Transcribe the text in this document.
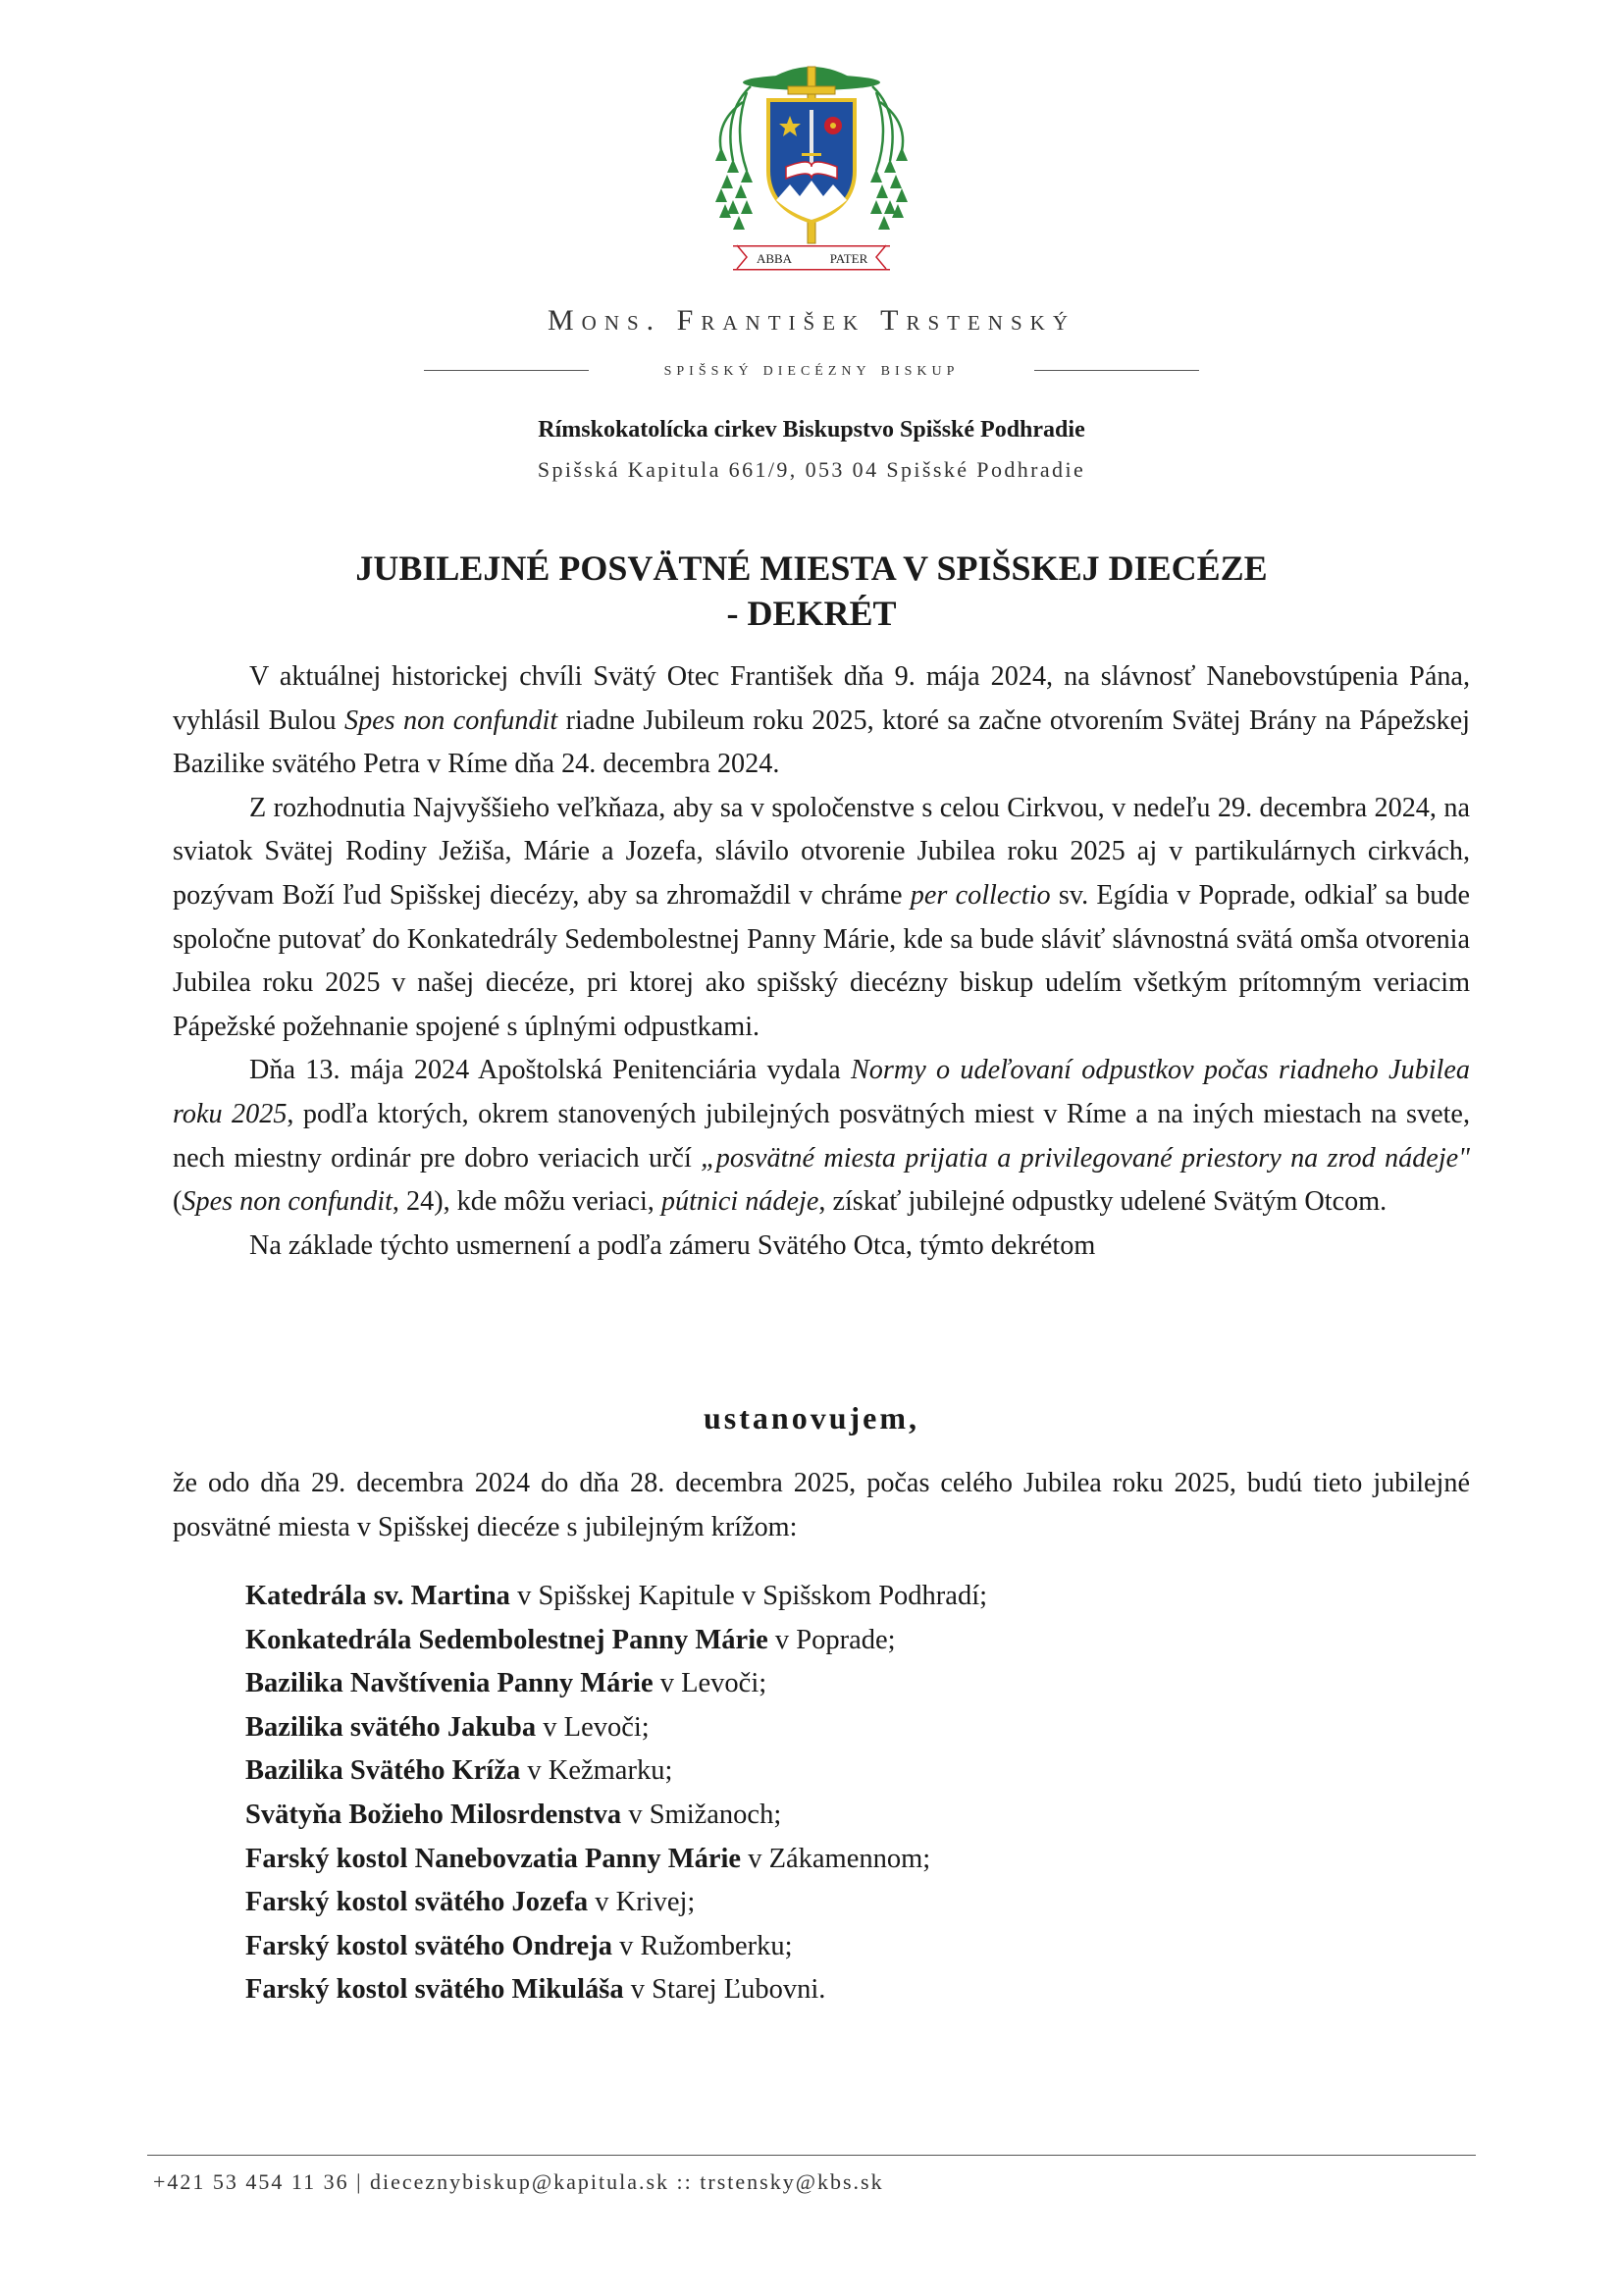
ABBA	PATER
Mons. František Trstenský
spišský diecézny biskup
Rímskokatolícka cirkev Biskupstvo Spišské Podhradie
Spišská Kapitula 661/9, 053 04 Spišské Podhradie
JUBILEJNÉ POSVÄTNÉ MIESTA V SPIŠSKEJ DIECÉZE
- DEKRÉT

V aktuálnej historickej chvíli Svätý Otec František dňa 9. mája 2024, na slávnosť Nanebovstúpenia Pána, vyhlásil Bulou Spes non confundit riadne Jubileum roku 2025, ktoré sa začne otvorením Svätej Brány na Pápežskej Bazilike svätého Petra v Ríme dňa 24. decembra 2024.

Z rozhodnutia Najvyššieho veľkňaza, aby sa v spoločenstve s celou Cirkvou, v nedeľu 29. decembra 2024, na sviatok Svätej Rodiny Ježiša, Márie a Jozefa, slávilo otvorenie Jubilea roku 2025 aj v partikulárnych cirkvách, pozývam Boží ľud Spišskej diecézy, aby sa zhromaždil v chráme per collectio sv. Egídia v Poprade, odkiaľ sa bude spoločne putovať do Konkatedrály Sedembolestnej Panny Márie, kde sa bude sláviť slávnostná svätá omša otvorenia Jubilea roku 2025 v našej diecéze, pri ktorej ako spišský diecézny biskup udelím všetkým prítomným veriacim Pápežské požehnanie spojené s úplnými odpustkami.

Dňa 13. mája 2024 Apoštolská Penitenciária vydala Normy o udeľovaní odpustkov počas riadneho Jubilea roku 2025, podľa ktorých, okrem stanovených jubilejných posvätných miest v Ríme a na iných miestach na svete, nech miestny ordinár pre dobro veriacich určí „posvätné miesta prijatia a privilegované priestory na zrod nádeje" (Spes non confundit, 24), kde môžu veriaci, pútnici nádeje, získať jubilejné odpustky udelené Svätým Otcom.

Na základe týchto usmernení a podľa zámeru Svätého Otca, týmto dekrétom

ustanovujem,

že odo dňa 29. decembra 2024 do dňa 28. decembra 2025, počas celého Jubilea roku 2025, budú tieto jubilejné posvätné miesta v Spišskej diecéze s jubilejným krížom:

Katedrála sv. Martina v Spišskej Kapitule v Spišskom Podhradí;
Konkatedrála Sedembolestnej Panny Márie v Poprade;
Bazilika Navštívenia Panny Márie v Levoči;
Bazilika svätého Jakuba v Levoči;
Bazilika Svätého Kríža v Kežmarku;
Svätyňa Božieho Milosrdenstva v Smižanoch;
Farský kostol Nanebovzatia Panny Márie v Zákamennom;
Farský kostol svätého Jozefa v Krivej;
Farský kostol svätého Ondreja v Ružomberku;
Farský kostol svätého Mikuláša v Starej Ľubovni.
+421 53 454 11 36 | dieceznybiskup@kapitula.sk :: trstensky@kbs.sk
